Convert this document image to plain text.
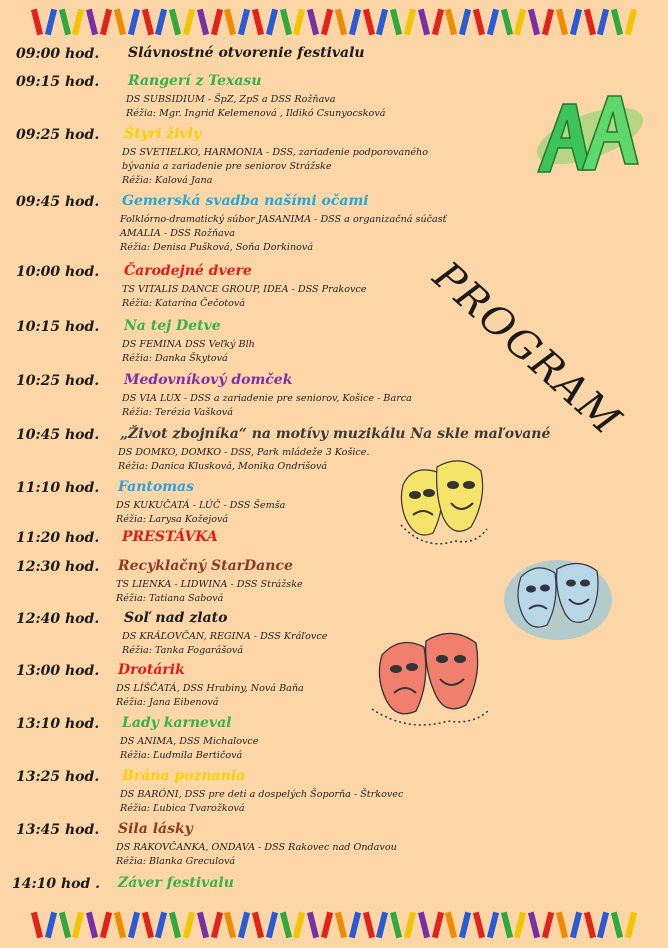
PROGRAM
09:00 hod. Slávnostné otvorenie festivalu
09:15 hod. Rangerí z Texasu
DS SUBSIDIUM - ŠpZ, ZpS a DSS Rožňava
Réžia: Mgr. Ingrid Kelemenová , Ildikó Csunyocsková
09:25 hod. Štyri živly
DS SVETIELKO, HARMONIA - DSS, zariadenie podporovaného
bývania a zariadenie pre seniorov Strážske
Réžia: Kalová Jana
09:45 hod. Gemerská svadba našími očami
Folklórno-dramatický súbor JASANIMA - DSS a organizačná súčasť
AMALIA - DSS Rožňava
Réžia: Denisa Pušková, Soňa Dorkinová
10:00 hod. Čarodejné dvere
TS VITALIS DANCE GROUP, IDEA - DSS Prakovce
Réžia: Katarína Čečotová
10:15 hod. Na tej Detve
DS FEMINA DSS Veľký Blh
Réžia: Danka Škytová
10:25 hod. Medovníkový domček
DS VIA LUX - DSS a zariadenie pre seniorov, Košice - Barca
Réžia: Terézia Vašková
10:45 hod. „Život zbojníka“ na motívy muzikálu Na skle maľované
DS DOMKO, DOMKO - DSS, Park mládeže 3 Košice.
Réžia: Danica Klusková, Monika Ondrišová
11:10 hod. Fantomas
DS KUKUČATÁ - LÚČ - DSS Šemša
Réžia: Larysa Kožejová
11:20 hod. PRESTÁVKA
12:30 hod. Recyklačný StarDance
TS LIENKA - LIDWINA - DSS Strážske
Réžia: Tatiana Sabová
12:40 hod. Soľ nad zlato
DS KRÁĽOVČAN, REGINA - DSS Kráľovce
Réžia: Tanka Fogarášová
13:00 hod. Drotárik
DS LÍŠČATÁ, DSS Hrabiny, Nová Baňa
Réžia: Jana Eibenová
13:10 hod. Lady karneval
DS ANIMA, DSS Michalovce
Réžia: Ľudmila Bertičová
13:25 hod. Brána poznania
DS BARÓNI, DSS pre deti a dospelých Šoporňa - Štrkovec
Réžia: Ľubica Tvarožková
13:45 hod. Sila lásky
DS RAKOVČANKA, ONDAVA - DSS Rakovec nad Ondavou
Réžia: Blanka Greculová
14:10 hod . Záver festivalu
